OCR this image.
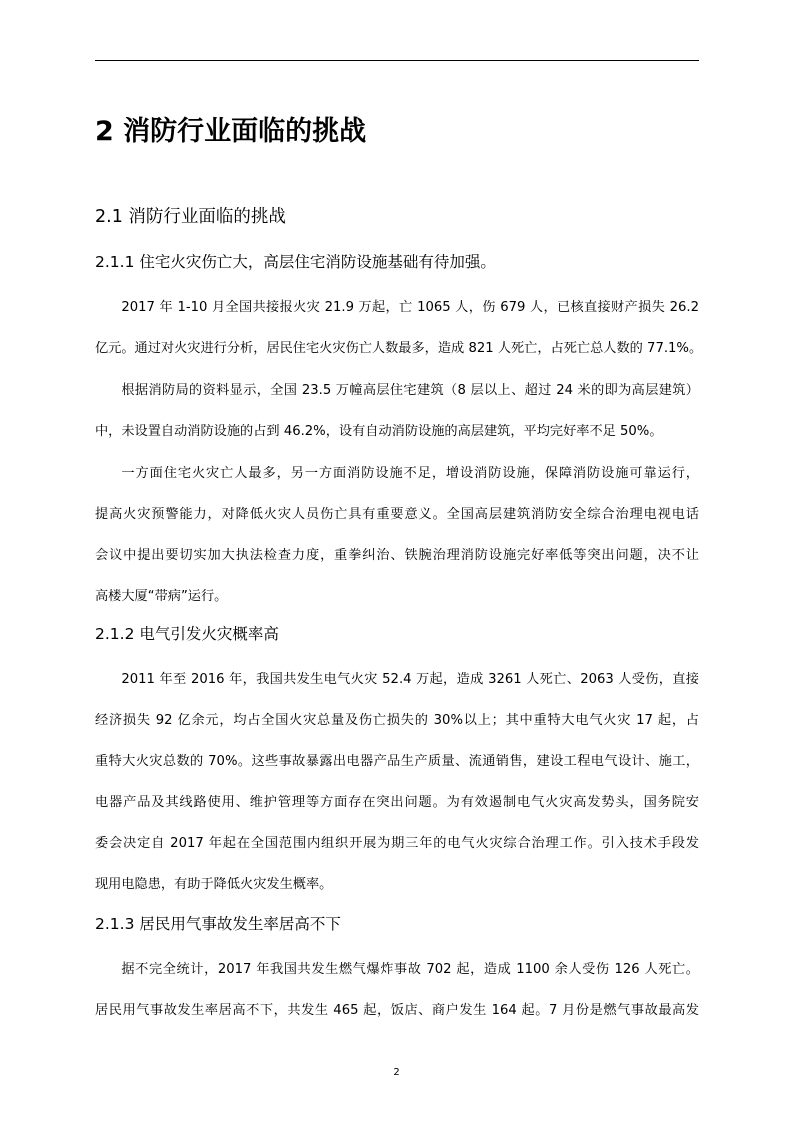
2 消防行业面临的挑战
2.1 消防行业面临的挑战
2.1.1 住宅火灾伤亡大，高层住宅消防设施基础有待加强。
2017 年 1-10 月全国共接报火灾 21.9 万起，亡 1065 人，伤 679 人，已核直接财产损失 26.2
亿元。通过对火灾进行分析，居民住宅火灾伤亡人数最多，造成 821 人死亡，占死亡总人数的 77.1%。
根据消防局的资料显示，全国 23.5 万幢高层住宅建筑（8 层以上、超过 24 米的即为高层建筑）
中，未设置自动消防设施的占到 46.2%，设有自动消防设施的高层建筑，平均完好率不足 50%。
一方面住宅火灾亡人最多，另一方面消防设施不足，增设消防设施，保障消防设施可靠运行，
提高火灾预警能力，对降低火灾人员伤亡具有重要意义。全国高层建筑消防安全综合治理电视电话
会议中提出要切实加大执法检查力度，重拳纠治、铁腕治理消防设施完好率低等突出问题，决不让
高楼大厦“带病”运行。
2.1.2 电气引发火灾概率高
2011 年至 2016 年，我国共发生电气火灾 52.4 万起，造成 3261 人死亡、2063 人受伤，直接
经济损失 92 亿余元，均占全国火灾总量及伤亡损失的 30%以上；其中重特大电气火灾 17 起，占
重特大火灾总数的 70%。这些事故暴露出电器产品生产质量、流通销售，建设工程电气设计、施工，
电器产品及其线路使用、维护管理等方面存在突出问题。为有效遏制电气火灾高发势头，国务院安
委会决定自 2017 年起在全国范围内组织开展为期三年的电气火灾综合治理工作。引入技术手段发
现用电隐患，有助于降低火灾发生概率。
2.1.3 居民用气事故发生率居高不下
据不完全统计，2017 年我国共发生燃气爆炸事故 702 起，造成 1100 余人受伤 126 人死亡。
居民用气事故发生率居高不下，共发生 465 起，饭店、商户发生 164 起。7 月份是燃气事故最高发
2
